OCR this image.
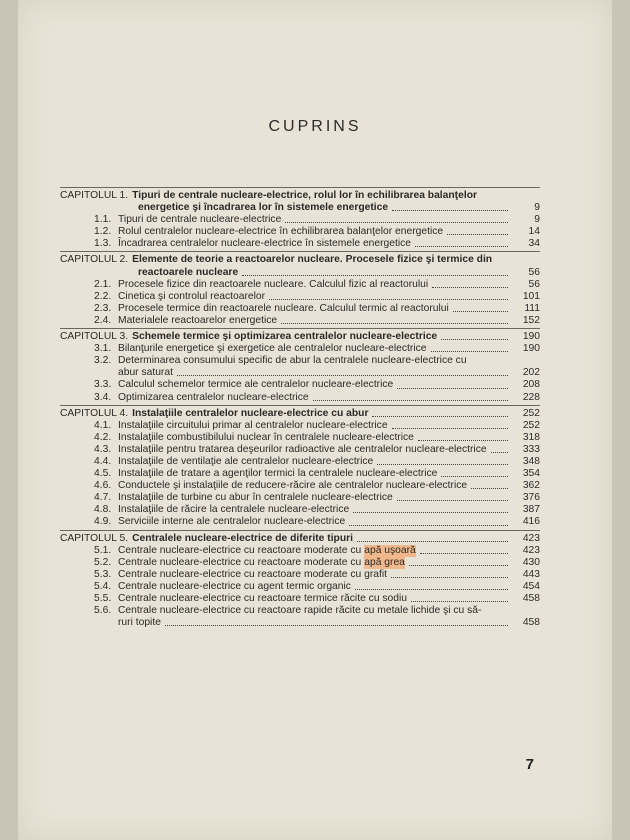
CUPRINS
CAPITOLUL 1. Tipuri de centrale nucleare-electrice, rolul lor în echilibrarea balanţelor
energetice şi încadrarea lor în sistemele energetice	9
1.1. Tipuri de centrale nucleare-electrice	9
1.2. Rolul centralelor nucleare-electrice în echilibrarea balanţelor energetice	14
1.3. Încadrarea centralelor nucleare-electrice în sistemele energetice	34
CAPITOLUL 2. Elemente de teorie a reactoarelor nucleare. Procesele fizice şi termice din
reactoarele nucleare	56
2.1. Procesele fizice din reactoarele nucleare. Calculul fizic al reactorului	56
2.2. Cinetica şi controlul reactoarelor	101
2.3. Procesele termice din reactoarele nucleare. Calculul termic al reactorului	111
2.4. Materialele reactoarelor energetice	152
CAPITOLUL 3. Schemele termice şi optimizarea centralelor nucleare-electrice	190
3.1. Bilanţurile energetice şi exergetice ale centralelor nucleare-electrice	190
3.2. Determinarea consumului specific de abur la centralele nucleare-electrice cu
abur saturat	202
3.3. Calculul schemelor termice ale centralelor nucleare-electrice	208
3.4. Optimizarea centralelor nucleare-electrice	228
CAPITOLUL 4. Instalaţiile centralelor nucleare-electrice cu abur	252
4.1. Instalaţiile circuitului primar al centralelor nucleare-electrice	252
4.2. Instalaţiile combustibilului nuclear în centralele nucleare-electrice	318
4.3. Instalaţiile pentru tratarea deşeurilor radioactive ale centralelor nucleare-electrice	333
4.4. Instalaţiile de ventilaţie ale centralelor nucleare-electrice	348
4.5. Instalaţiile de tratare a agenţilor termici la centralele nucleare-electrice	354
4.6. Conductele şi instalaţiile de reducere-răcire ale centralelor nucleare-electrice	362
4.7. Instalaţiile de turbine cu abur în centralele nucleare-electrice	376
4.8. Instalaţiile de răcire la centralele nucleare-electrice	387
4.9. Serviciile interne ale centralelor nucleare-electrice	416
CAPITOLUL 5. Centralele nucleare-electrice de diferite tipuri	423
5.1. Centrale nucleare-electrice cu reactoare moderate cu apă uşoară	423
5.2. Centrale nucleare-electrice cu reactoare moderate cu apă grea	430
5.3. Centrale nucleare-electrice cu reactoare moderate cu grafit	443
5.4. Centrale nucleare-electrice cu agent termic organic	454
5.5. Centrale nucleare-electrice cu reactoare termice răcite cu sodiu	458
5.6. Centrale nucleare-electrice cu reactoare rapide răcite cu metale lichide şi cu să-
ruri topite	458
7
